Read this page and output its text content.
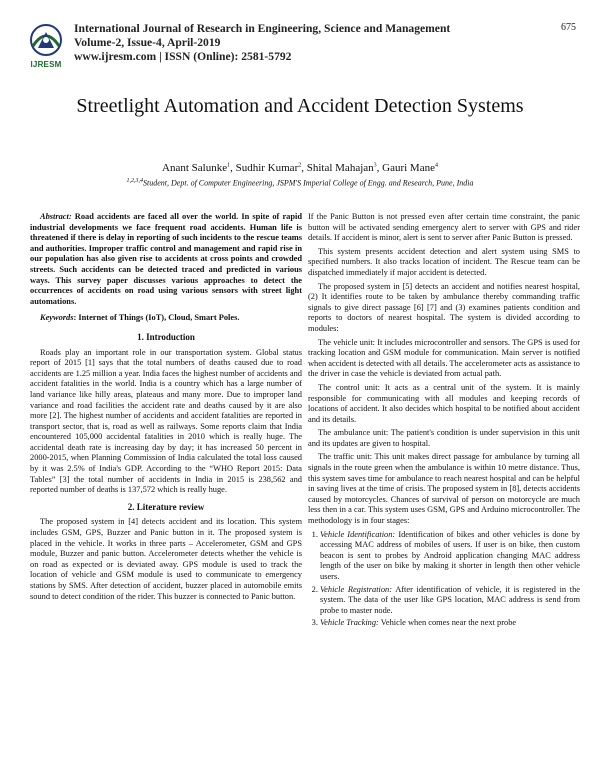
IJRESM
International Journal of Research in Engineering, Science and Management
Volume-2, Issue-4, April-2019
www.ijresm.com | ISSN (Online): 2581-5792
675
Streetlight Automation and Accident Detection Systems
Anant Salunke$^1$, Sudhir Kumar$^2$, Shital Mahajan$^3$, Gauri Mane$^4$
$^{1,2,3,4}$Student, Dept. of Computer Engineering, JSPM'S Imperial College of Engg. and Research, Pune, India

Abstract: Road accidents are faced all over the world. In spite of rapid industrial developments we face frequent road accidents. Human life is threatened if there is delay in reporting of such incidents to the rescue teams and authorities. Improper traffic control and management and rapid rise in our population has also given rise to accidents at cross points and crowded streets. Such accidents can be detected traced and predicted in various ways. This survey paper discusses various approaches to detect the occurrences of accidents on road using various sensors with street light automations.

Keywords: Internet of Things (IoT), Cloud, Smart Poles.

1. Introduction

Roads play an important role in our transportation system. Global status report of 2015 [1] says that the total numbers of deaths caused due to road accidents are 1.25 million a year. India faces the highest number of accidents and accident fatalities in the world. India is a country which has a large number of land variance like hilly areas, plateaus and many more. Due to improper land variance and road facilities the accident rate and deaths caused by it are also more [2]. The highest number of accidents and accident fatalities are reported in transport sector, that is, road as well as railways. Some reports claim that India encountered 105,000 accidental fatalities in 2010 which is really huge. The accidental death rate is increasing day by day; it has increased 50 percent in 2000-2015, when Planning Commission of India calculated the total loss caused by it was 2.5% of India's GDP. According to the “WHO Report 2015: Data Tables” [3] the total number of accidents in India in 2015 is 238,562 and reported number of deaths is 137,572 which is really huge.

2. Literature review

The proposed system in [4] detects accident and its location. This system includes GSM, GPS, Buzzer and Panic button in it. The proposed system is placed in the vehicle. It works in three parts – Accelerometer, GSM and GPS module, Buzzer and panic button. Accelerometer detects whether the vehicle is on road as expected or is deviated away. GPS module is used to track the location of vehicle and GSM module is used to communicate to emergency stations by SMS. After detection of accident, buzzer placed in automobile emits sound to detect condition of the rider. This buzzer is connected to Panic button.

If the Panic Button is not pressed even after certain time constraint, the panic button will be activated sending emergency alert to server with GPS and rider details. If accident is minor, alert is sent to server after Panic Button is pressed.

This system presents accident detection and alert system using SMS to specified numbers. It also tracks location of incident. The Rescue team can be dispatched immediately if major accident is detected.

The proposed system in [5] detects an accident and notifies nearest hospital, (2) It identifies route to be taken by ambulance thereby commanding traffic signals to give direct passage [6] [7] and (3) examines patients condition and reports to doctors of nearest hospital. The system is divided according to modules:

The vehicle unit: It includes microcontroller and sensors. The GPS is used for tracking location and GSM module for communication. Main server is notified when accident is detected with all details. The accelerometer acts as assistance to the driver in case the vehicle is deviated from actual path.

The control unit: It acts as a central unit of the system. It is mainly responsible for communicating with all modules and keeping records of locations of accident. It also decides which hospital to be notified about accident and its details.

The ambulance unit: The patient's condition is under supervision in this unit and its updates are given to hospital.

The traffic unit: This unit makes direct passage for ambulance by turning all signals in the route green when the ambulance is within 10 metre distance. Thus, this system saves time for ambulance to reach nearest hospital and can be helpful in saving lives at the time of crisis. The proposed system in [8], detects accidents caused by motorcycles. Chances of survival of person on motorcycle are much less then in a car. This system uses GSM, GPS and Arduino microcontroller. The methodology is in four stages:

1. Vehicle Identification: Identification of bikes and other vehicles is done by accessing MAC address of mobiles of users. If user is on bike, then custom beacon is sent to probes by Android application changing MAC address length of the user on bike by making it shorter in length then other vehicle users.
2. Vehicle Registration: After identification of vehicle, it is registered in the system. The data of the user like GPS location, MAC address is send from probe to master node.
3. Vehicle Tracking: Vehicle when comes near the next probe
